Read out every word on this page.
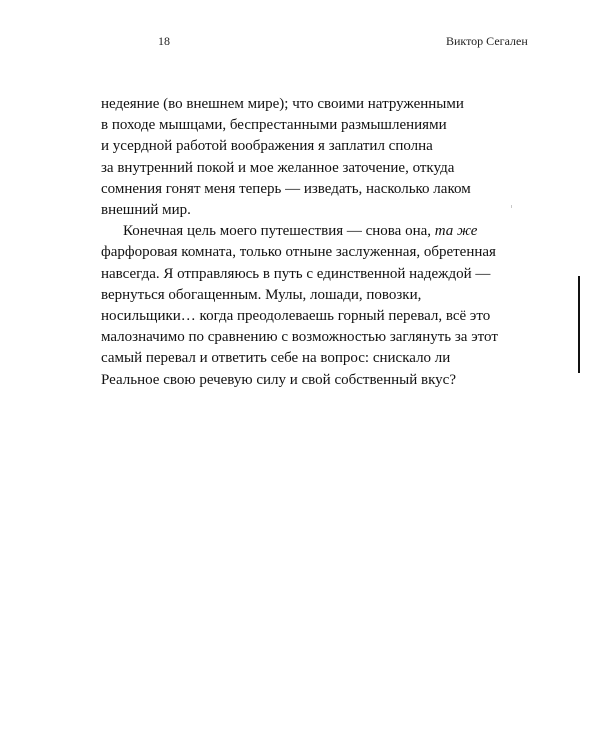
18	Виктор Сегален
недеяние (во внешнем мире); что своими натруженными
в походе мышцами, беспрестанными размышлениями
и усердной работой воображения я заплатил сполна
за внутренний покой и мое желанное заточение, откуда
сомнения гонят меня теперь — изведать, насколько лаком
внешний мир.
Конечная цель моего путешествия — снова она, та же
фарфоровая комната, только отныне заслуженная, обретенная
навсегда. Я отправляюсь в путь с единственной надеждой —
вернуться обогащенным. Мулы, лошади, повозки,
носильщики… когда преодолеваешь горный перевал, всё это
малозначимо по сравнению с возможностью заглянуть за этот
самый перевал и ответить себе на вопрос: снискало ли
Реальное свою речевую силу и свой собственный вкус?
